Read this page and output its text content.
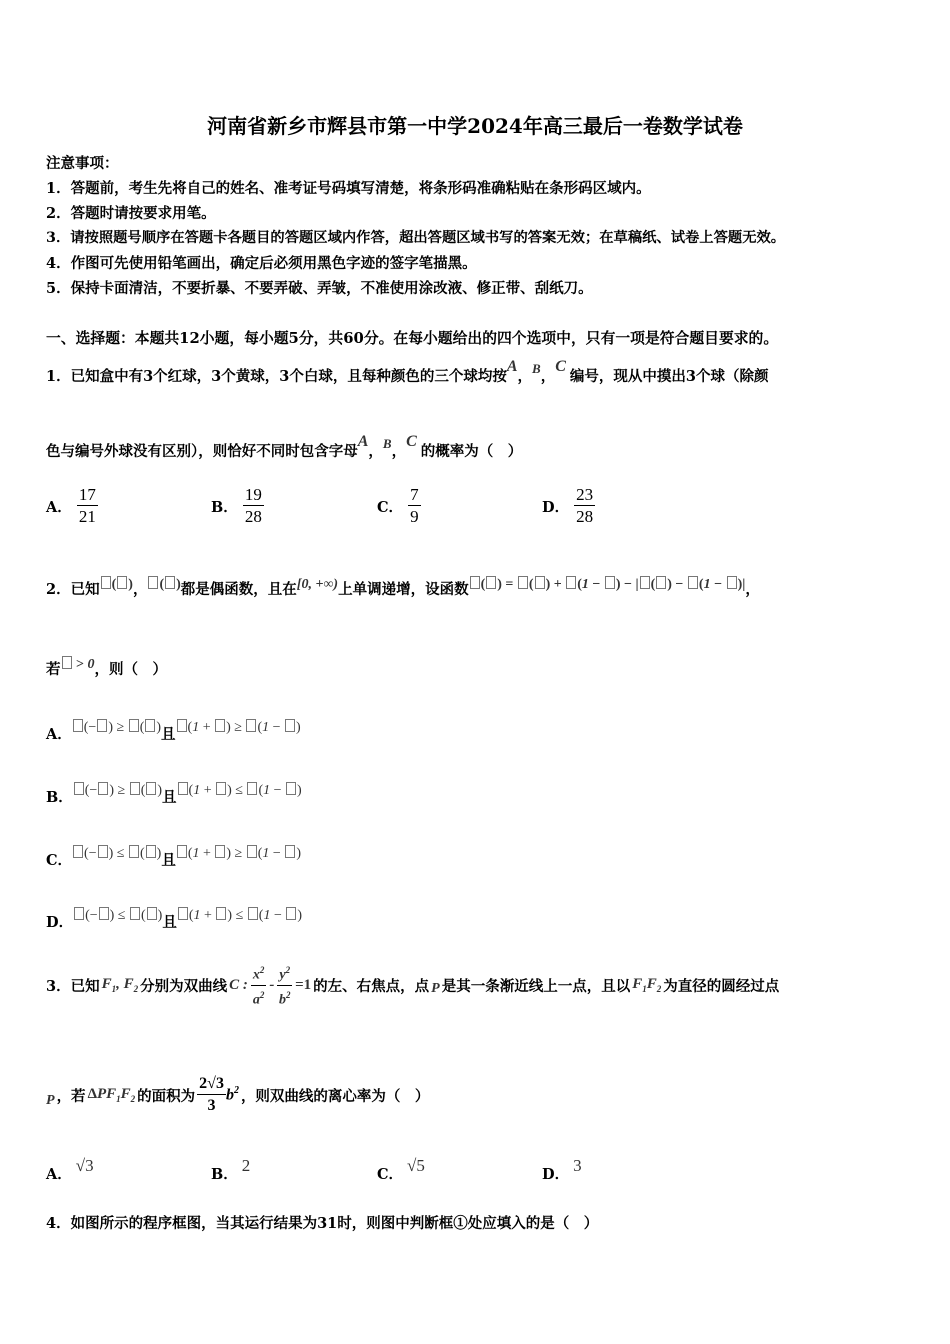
河南省新乡市辉县市第一中学2024年高三最后一卷数学试卷
注意事项：
1．答题前，考生先将自己的姓名、准考证号码填写清楚，将条形码准确粘贴在条形码区域内。
2．答题时请按要求用笔。
3．请按照题号顺序在答题卡各题目的答题区域内作答，超出答题区域书写的答案无效；在草稿纸、试卷上答题无效。
4．作图可先使用铅笔画出，确定后必须用黑色字迹的签字笔描黑。
5．保持卡面清洁，不要折暴、不要弄破、弄皱，不准使用涂改液、修正带、刮纸刀。
一、选择题：本题共12小题，每小题5分，共60分。在每小题给出的四个选项中，只有一项是符合题目要求的。
1．已知盒中有3个红球，3个黄球，3个白球，且每种颜色的三个球均按A，B，C编号，现从中摸出3个球（除颜
色与编号外球没有区别），则恰好不同时包含字母A，B，C的概率为（　）
A． $\frac{17}{21}$	B． $\frac{19}{28}$	C． $\frac{7}{9}$	D． $\frac{23}{28}$
2．已知 ( )， ( )都是偶函数，且在[0, +∞)上单调递增，设函数 ( ) = ( ) + (1 − ) − | ( ) − (1 − )|，
若 > 0，则（　）
A． (− ) ≥ ( )且 (1 + ) ≥ (1 − )
B． (− ) ≥ ( )且 (1 + ) ≤ (1 − )
C． (− ) ≤ ( )且 (1 + ) ≥ (1 − )
D． (− ) ≤ ( )且 (1 + ) ≤ (1 − )
3．已知 $F_1$, $F_2$ 分别为双曲线 C : $\frac{x^2}{a^2} - \frac{y^2}{b^2} =1$ 的左、右焦点，点 P 是其一条渐近线上一点，且以 $F_1F_2$ 为直径的圆经过点
P ，若 $\Delta PF_1F_2$ 的面积为 $\frac{2√3}{3} b^2$ ，则双曲线的离心率为（　）
A． √3	B． 2	C． √5	D． 3
4．如图所示的程序框图，当其运行结果为31时，则图中判断框①处应填入的是（　）
